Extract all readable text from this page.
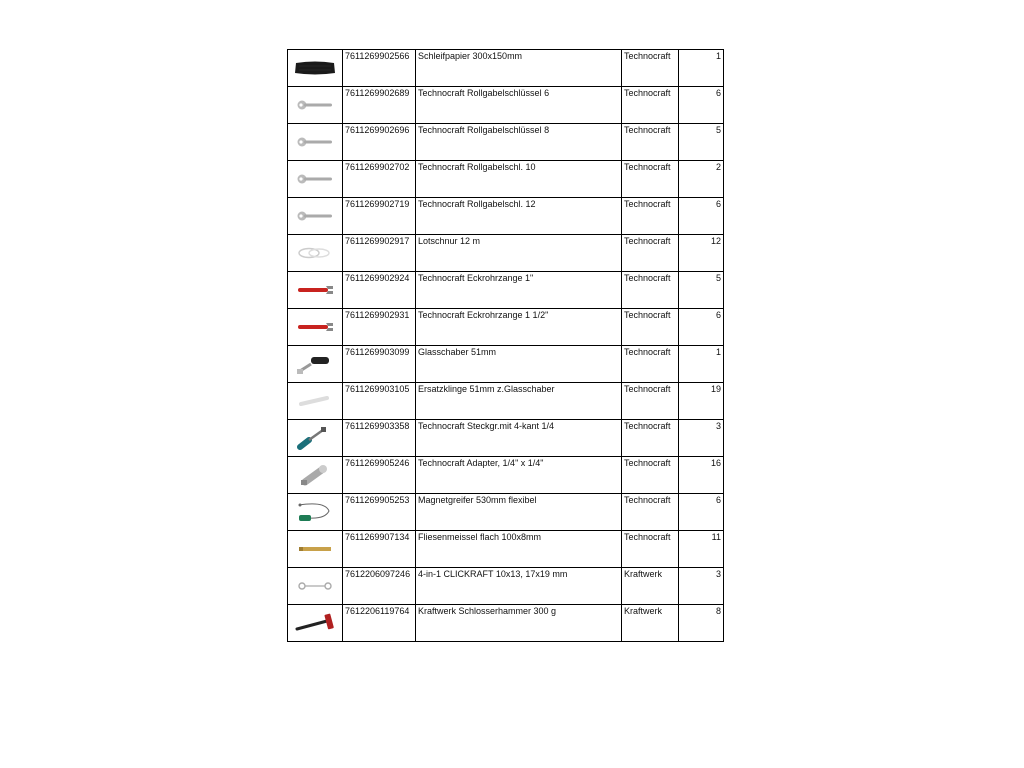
	7611269902566	Schleifpapier 300x150mm	Technocraft	1

	7611269902689	Technocraft Rollgabelschlüssel 6	Technocraft	6

	7611269902696	Technocraft Rollgabelschlüssel 8	Technocraft	5

	7611269902702	Technocraft Rollgabelschl. 10	Technocraft	2

	7611269902719	Technocraft Rollgabelschl. 12	Technocraft	6

	7611269902917	Lotschnur 12 m	Technocraft	12

	7611269902924	Technocraft Eckrohrzange 1"	Technocraft	5

	7611269902931	Technocraft Eckrohrzange 1 1/2"	Technocraft	6

	7611269903099	Glasschaber 51mm	Technocraft	1

	7611269903105	Ersatzklinge 51mm z.Glasschaber	Technocraft	19

	7611269903358	Technocraft Steckgr.mit 4-kant 1/4	Technocraft	3

	7611269905246	Technocraft Adapter, 1/4" x 1/4"	Technocraft	16

	7611269905253	Magnetgreifer 530mm flexibel	Technocraft	6

	7611269907134	Fliesenmeissel flach 100x8mm	Technocraft	11

	7612206097246	4-in-1 CLICKRAFT 10x13, 17x19 mm	Kraftwerk	3

	7612206119764	Kraftwerk Schlosserhammer 300 g	Kraftwerk	8
